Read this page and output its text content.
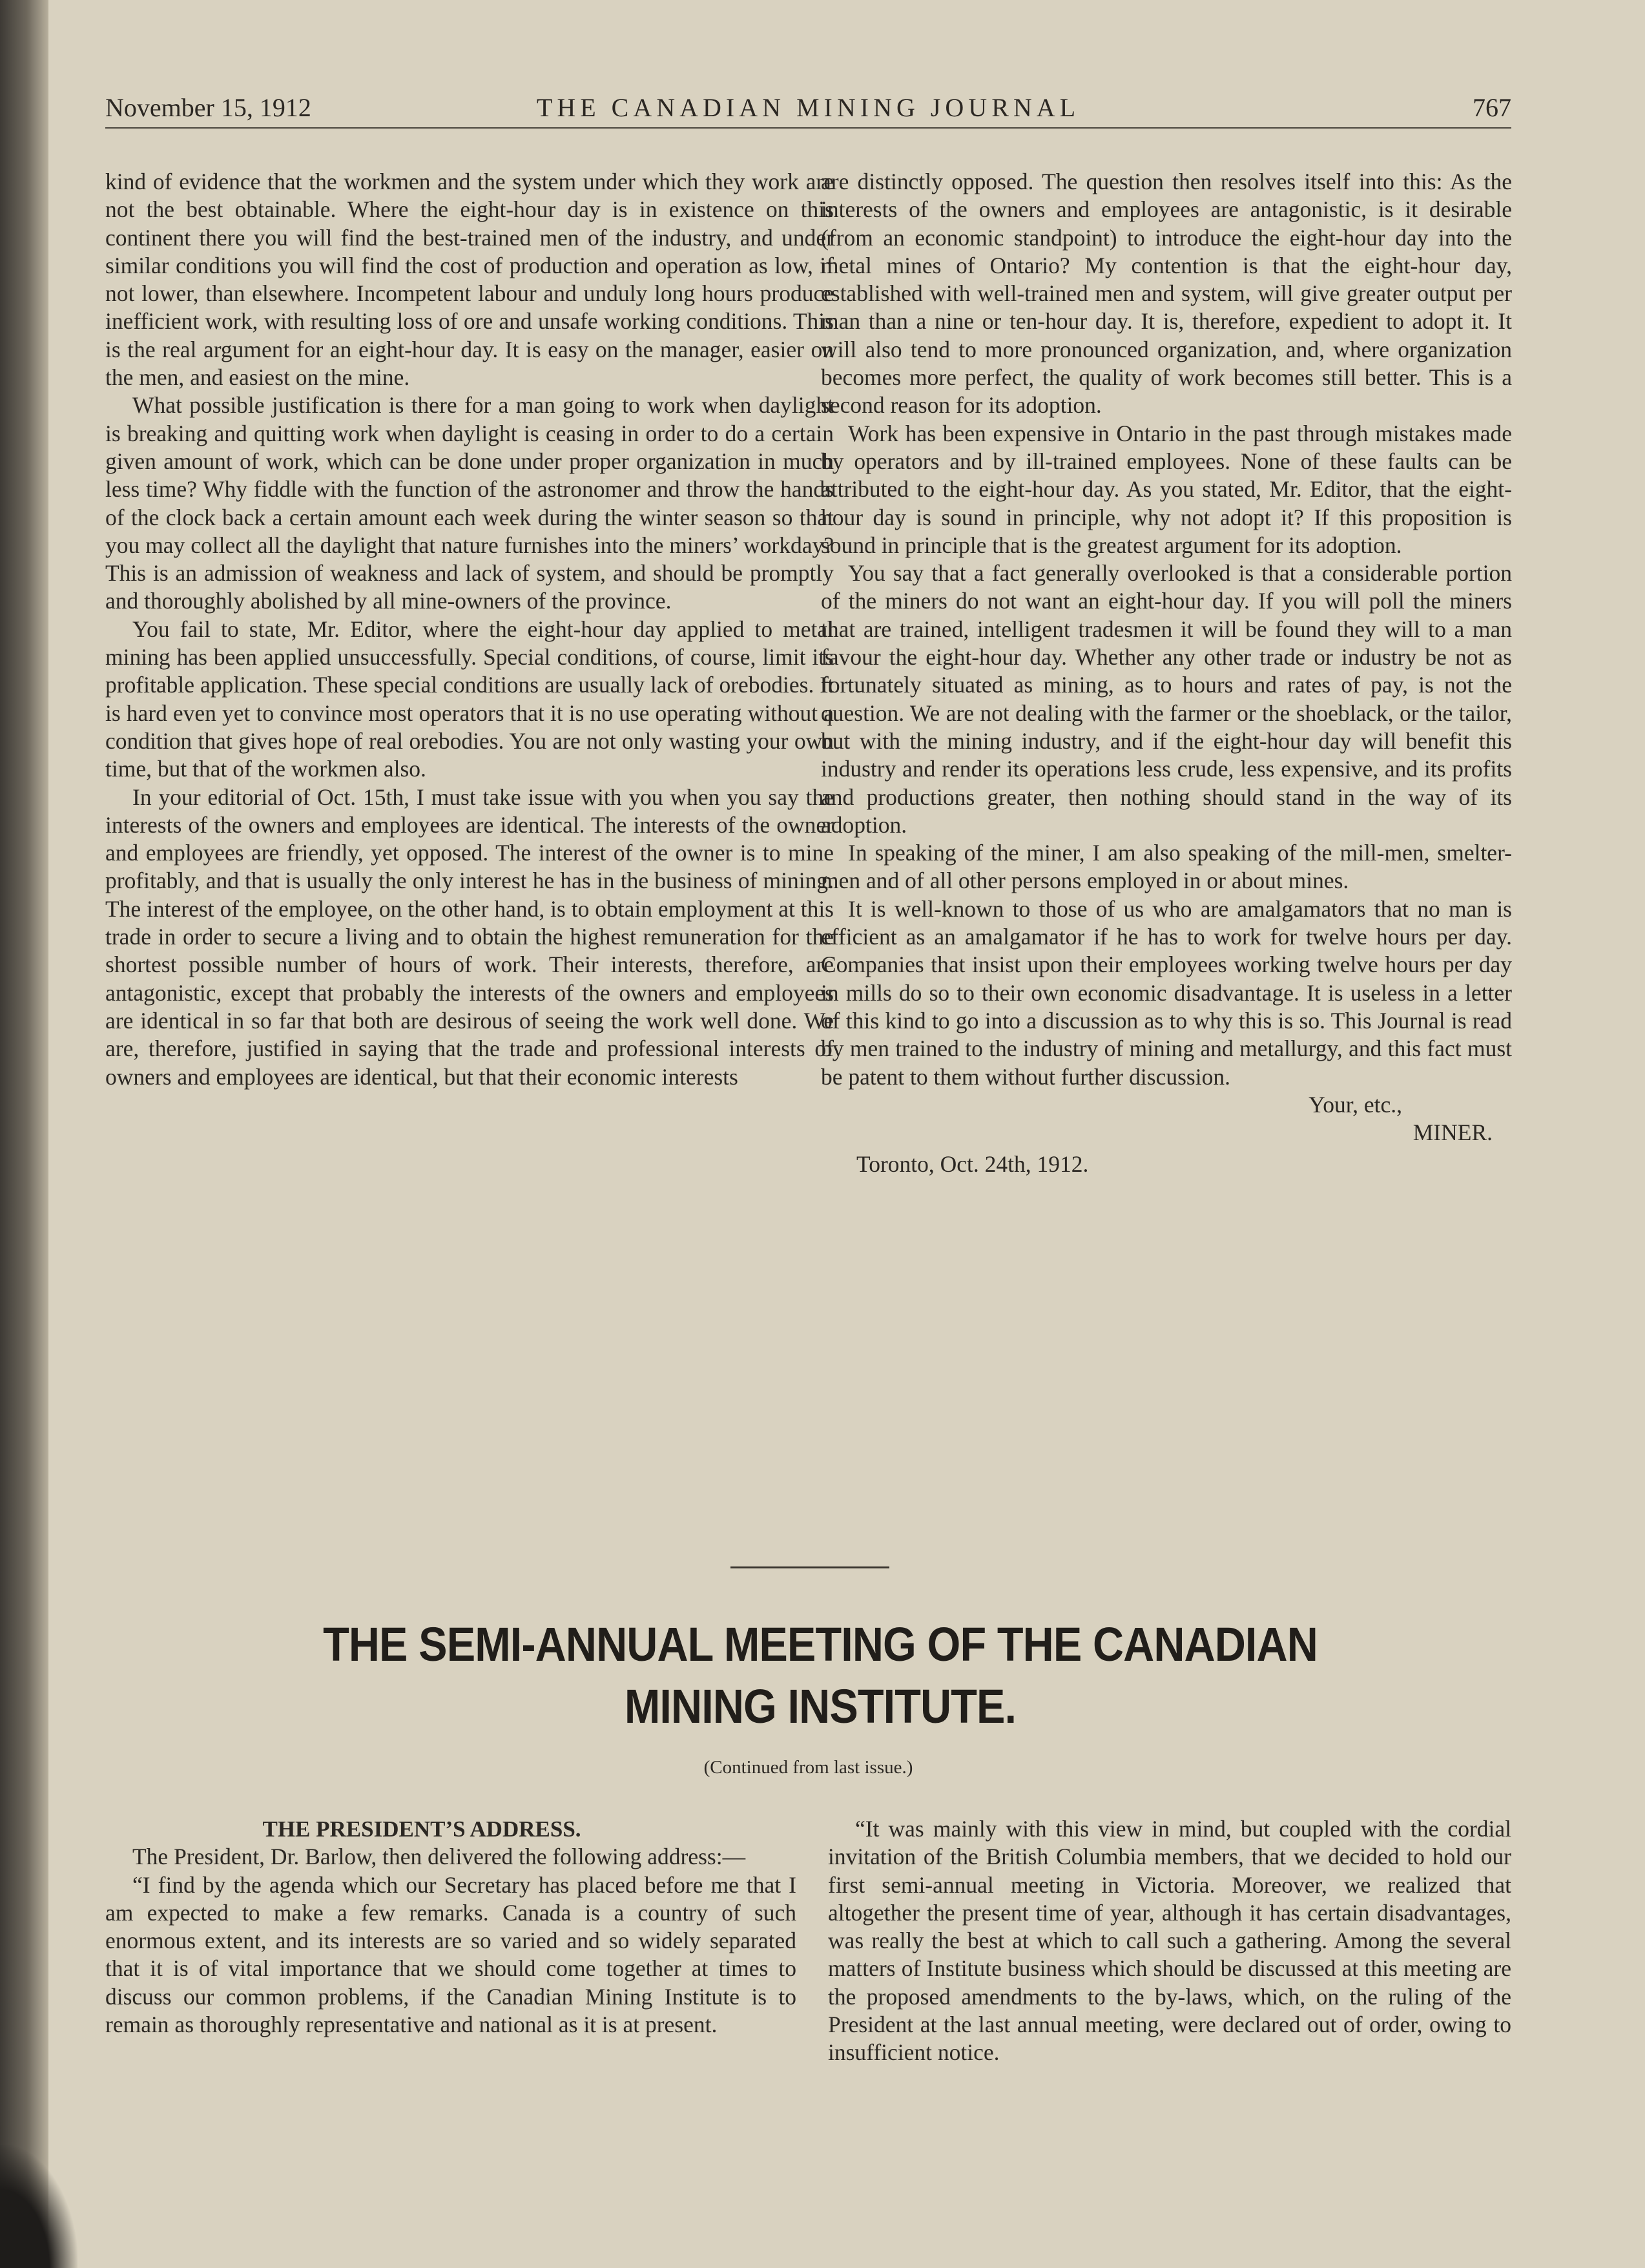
November 15, 1912	THE CANADIAN MINING JOURNAL	767

kind of evidence that the workmen and the system under which they work are not the best obtainable. Where the eight-hour day is in existence on this continent there you will find the best-trained men of the industry, and under similar conditions you will find the cost of production and operation as low, if not lower, than elsewhere. Incompetent labour and unduly long hours produce inefficient work, with resulting loss of ore and unsafe working conditions. This is the real argument for an eight-hour day. It is easy on the manager, easier on the men, and easiest on the mine.

What possible justification is there for a man going to work when daylight is breaking and quitting work when daylight is ceasing in order to do a certain given amount of work, which can be done under proper organization in much less time? Why fiddle with the function of the astronomer and throw the hands of the clock back a certain amount each week during the winter season so that you may collect all the daylight that nature furnishes into the miners’ workday? This is an admission of weakness and lack of system, and should be promptly and thoroughly abolished by all mine-owners of the province.

You fail to state, Mr. Editor, where the eight-hour day applied to metal mining has been applied unsuccessfully. Special conditions, of course, limit its profitable application. These special conditions are usually lack of orebodies. It is hard even yet to convince most operators that it is no use operating without a condition that gives hope of real orebodies. You are not only wasting your own time, but that of the workmen also.

In your editorial of Oct. 15th, I must take issue with you when you say the interests of the owners and employees are identical. The interests of the owner and employees are friendly, yet opposed. The interest of the owner is to mine profitably, and that is usually the only interest he has in the business of mining. The interest of the employee, on the other hand, is to obtain employment at this trade in order to secure a living and to obtain the highest remuneration for the shortest possible number of hours of work. Their interests, therefore, are antagonistic, except that probably the interests of the owners and employees are identical in so far that both are desirous of seeing the work well done. We are, therefore, justified in saying that the trade and professional interests of owners and employees are identical, but that their economic interests

are distinctly opposed. The question then resolves itself into this: As the interests of the owners and employees are antagonistic, is it desirable (from an economic standpoint) to introduce the eight-hour day into the metal mines of Ontario? My contention is that the eight-hour day, established with well-trained men and system, will give greater output per man than a nine or ten-hour day. It is, therefore, expedient to adopt it. It will also tend to more pronounced organization, and, where organization becomes more perfect, the quality of work becomes still better. This is a second reason for its adoption.

Work has been expensive in Ontario in the past through mistakes made by operators and by ill-trained employees. None of these faults can be attributed to the eight-hour day. As you stated, Mr. Editor, that the eight-hour day is sound in principle, why not adopt it? If this proposition is sound in principle that is the greatest argument for its adoption.

You say that a fact generally overlooked is that a considerable portion of the miners do not want an eight-hour day. If you will poll the miners that are trained, intelligent tradesmen it will be found they will to a man favour the eight-hour day. Whether any other trade or industry be not as fortunately situated as mining, as to hours and rates of pay, is not the question. We are not dealing with the farmer or the shoeblack, or the tailor, but with the mining industry, and if the eight-hour day will benefit this industry and render its operations less crude, less expensive, and its profits and productions greater, then nothing should stand in the way of its adoption.

In speaking of the miner, I am also speaking of the mill-men, smelter-men and of all other persons employed in or about mines.

It is well-known to those of us who are amalgamators that no man is efficient as an amalgamator if he has to work for twelve hours per day. Companies that insist upon their employees working twelve hours per day in mills do so to their own economic disadvantage. It is useless in a letter of this kind to go into a discussion as to why this is so. This Journal is read by men trained to the industry of mining and metallurgy, and this fact must be patent to them without further discussion.

Your, etc.,

MINER.

Toronto, Oct. 24th, 1912.

THE SEMI-ANNUAL MEETING OF THE CANADIAN
MINING INSTITUTE.
(Continued from last issue.)

THE PRESIDENT’S ADDRESS.

The President, Dr. Barlow, then delivered the following address:—

“I find by the agenda which our Secretary has placed before me that I am expected to make a few remarks. Canada is a country of such enormous extent, and its interests are so varied and so widely separated that it is of vital importance that we should come together at times to discuss our common problems, if the Canadian Mining Institute is to remain as thoroughly representative and national as it is at present.

“It was mainly with this view in mind, but coupled with the cordial invitation of the British Columbia members, that we decided to hold our first semi-annual meeting in Victoria. Moreover, we realized that altogether the present time of year, although it has certain disadvantages, was really the best at which to call such a gathering. Among the several matters of Institute business which should be discussed at this meeting are the proposed amendments to the by-laws, which, on the ruling of the President at the last annual meeting, were declared out of order, owing to insufficient notice.
